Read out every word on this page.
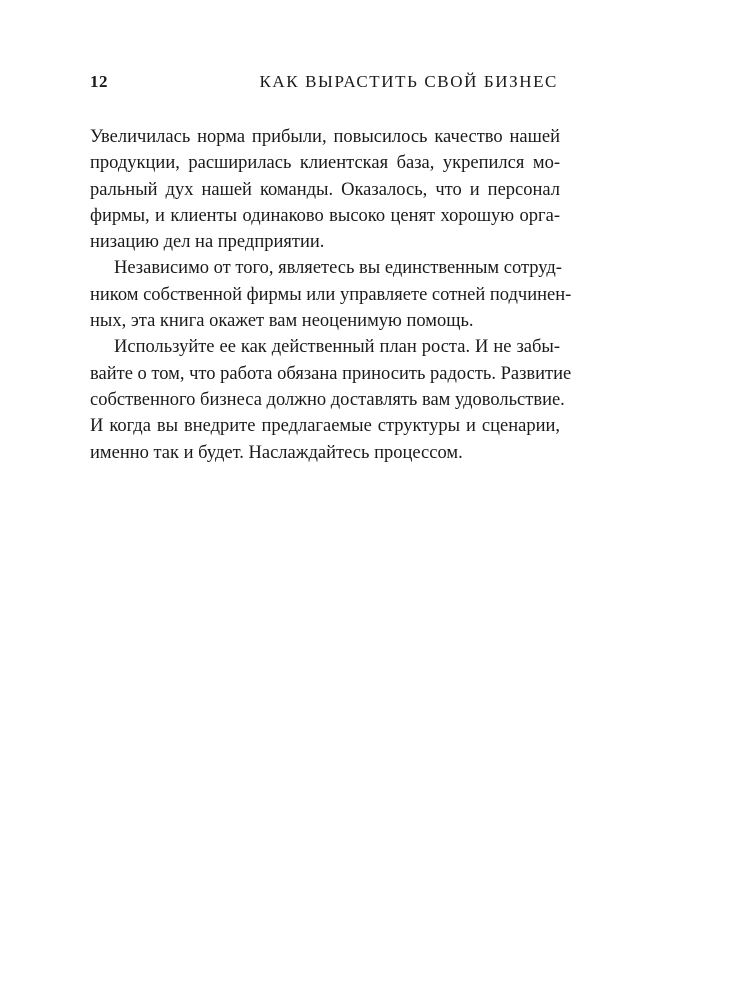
12	КАК ВЫРАСТИТЬ СВОЙ БИЗНЕС

Увеличилась норма прибыли, повысилось качество нашей
продукции, расширилась клиентская база, укрепился мо-
ральный дух нашей команды. Оказалось, что и персонал
фирмы, и клиенты одинаково высоко ценят хорошую орга-
низацию дел на предприятии.

Независимо от того, являетесь вы единственным сотруд-
ником собственной фирмы или управляете сотней подчинен-
ных, эта книга окажет вам неоценимую помощь.

Используйте ее как действенный план роста. И не забы-
вайте о том, что работа обязана приносить радость. Развитие
собственного бизнеса должно доставлять вам удовольствие.
И когда вы внедрите предлагаемые структуры и сценарии,
именно так и будет. Наслаждайтесь процессом.
